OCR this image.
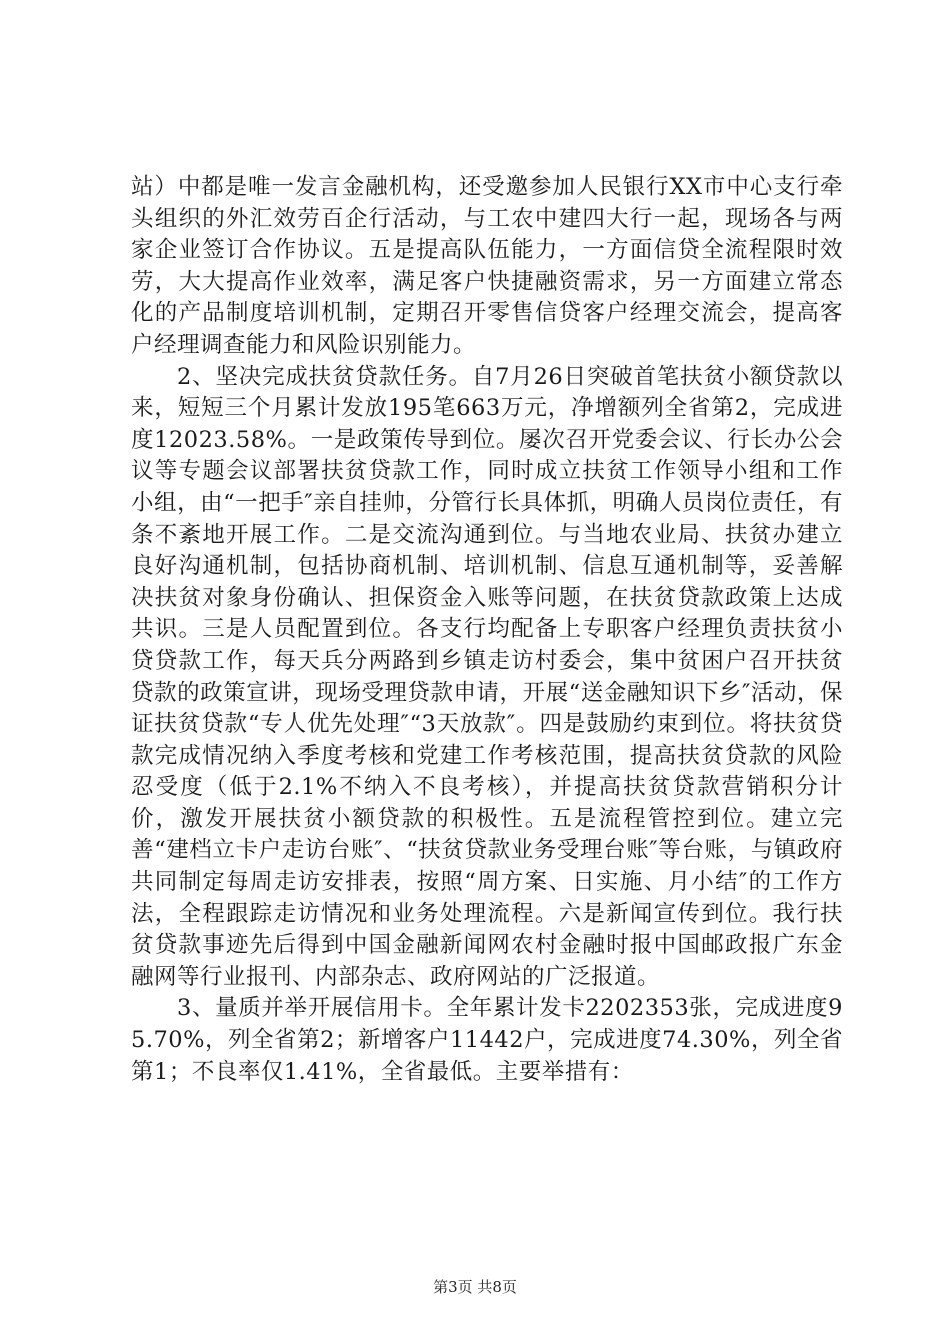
站）中都是唯一发言金融机构，还受邀参加人民银行XX市中心支行牵头组织的外汇效劳百企行活动，与工农中建四大行一起，现场各与两家企业签订合作协议。五是提高队伍能力，一方面信贷全流程限时效劳，大大提高作业效率，满足客户快捷融资需求，另一方面建立常态化的产品制度培训机制，定期召开零售信贷客户经理交流会，提高客户经理调查能力和风险识别能力。

2、坚决完成扶贫贷款任务。自7月26日突破首笔扶贫小额贷款以来，短短三个月累计发放195笔663万元，净增额列全省第2，完成进度12023.58%。一是政策传导到位。屡次召开党委会议、行长办公会议等专题会议部署扶贫贷款工作，同时成立扶贫工作领导小组和工作小组，由“一把手″亲自挂帅，分管行长具体抓，明确人员岗位责任，有条不紊地开展工作。二是交流沟通到位。与当地农业局、扶贫办建立良好沟通机制，包括协商机制、培训机制、信息互通机制等，妥善解决扶贫对象身份确认、担保资金入账等问题，在扶贫贷款政策上达成共识。三是人员配置到位。各支行均配备上专职客户经理负责扶贫小贷贷款工作，每天兵分两路到乡镇走访村委会，集中贫困户召开扶贫贷款的政策宣讲，现场受理贷款申请，开展“送金融知识下乡″活动，保证扶贫贷款“专人优先处理″“3天放款″。四是鼓励约束到位。将扶贫贷款完成情况纳入季度考核和党建工作考核范围，提高扶贫贷款的风险忍受度（低于2.1%不纳入不良考核），并提高扶贫贷款营销积分计价，激发开展扶贫小额贷款的积极性。五是流程管控到位。建立完善“建档立卡户走访台账″、“扶贫贷款业务受理台账″等台账，与镇政府共同制定每周走访安排表，按照“周方案、日实施、月小结″的工作方法，全程跟踪走访情况和业务处理流程。六是新闻宣传到位。我行扶贫贷款事迹先后得到中国金融新闻网农村金融时报中国邮政报广东金融网等行业报刊、内部杂志、政府网站的广泛报道。

3、量质并举开展信用卡。全年累计发卡2202353张，完成进度95.70%，列全省第2；新增客户11442户，完成进度74.30%，列全省第1；不良率仅1.41%，全省最低。主要举措有：

第3页 共8页
